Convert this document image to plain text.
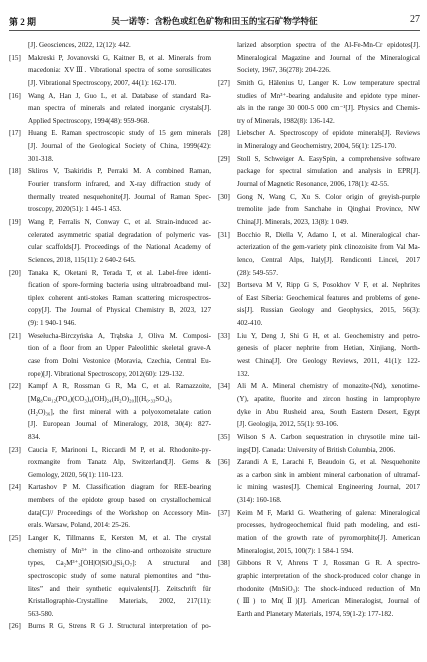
第 2 期	吴一诺等：含粉色或红色矿物和田玉的宝石矿物学特征	27
[J]. Geosciences, 2022, 12(12): 442.
[15] Makreski P, Jovanovski G, Kaitner B, et al. Minerals from
macedonia: XVⅢ. Vibrational spectra of some sorosilicates
[J]. Vibrational Spectroscopy, 2007, 44(1): 162-170.
[16] Wang A, Han J, Guo L, et al. Database of standard Ra-
man spectra of minerals and related inorganic crystals[J].
Applied Spectroscopy, 1994(48): 959-968.
[17] Huang E. Raman spectroscopic study of 15 gem minerals
[J]. Journal of the Geological Society of China, 1999(42):
301-318.
[18] Skliros V, Tsakiridis P, Perraki M. A combined Raman,
Fourier transform infrared, and X-ray diffraction study of
thermally treated nesquehonite[J]. Journal of Raman Spec-
troscopy, 2020(51): 1 445-1 453.
[19] Wang P, Ferralis N, Conway C, et al. Strain-induced ac-
celerated asymmetric spatial degradation of polymeric vas-
cular scaffolds[J]. Proceedings of the National Academy of
Sciences, 2018, 115(11): 2 640-2 645.
[20] Tanaka K, Oketani R, Terada T, et al. Label-free identi-
fication of spore-forming bacteria using ultrabroadband mul-
tiplex coherent anti-stokes Raman scattering microspectros-
copy[J]. The Journal of Physical Chemistry B, 2023, 127
(9): 1 940-1 946.
[21] Wesełucha-Birczyńska A, Trąbska J, Oliva M. Composi-
tion of a floor from an Upper Paleolithic skeletal grave-A
case from Dolni Vestonice (Moravia, Czechia, Central Eu-
rope)[J]. Vibrational Spectroscopy, 2012(60): 129-132.
[22] Kampf A R, Rossman G R, Ma C, et al. Ramazzoite,
[Mg₈Cu₁₂(PO₄)(CO₃)₄(OH)₂₄(H₂O)₂₀][(H₀.₃₃SO₄)₃
(H₂O)₃₆], the first mineral with a polyoxometalate cation
[J]. European Journal of Mineralogy, 2018, 30(4): 827-
834.
[23] Caucia F, Marinoni L, Riccardi M P, et al. Rhodonite-py-
roxmangite from Tanatz Alp, Switzerland[J]. Gems &
Gemology, 2020, 56(1): 110-123.
[24] Kartashov P M. Classification diagram for REE-bearing
members of the epidote group based on crystallochemical
data[C]// Proceedings of the Workshop on Accessory Min-
erals. Warsaw, Poland, 2014: 25-26.
[25] Langer K, Tillmanns E, Kersten M, et al. The crystal
chemistry of Mn³⁺ in the clino-and orthozoisite structure
types, Ca₂M³⁺₃[OH|O|SiO₄|Si₂O₇]: A structural and
spectroscopic study of some natural piemontites and “thu-
lites” and their synthetic equivalents[J]. Zeitschrift für
Kristallographie-Crystalline Materials, 2002, 217(11):
563-580.
[26] Burns R G, Strens R G J. Structural interpretation of po-
larized absorption spectra of the Al-Fe-Mn-Cr epidotes[J].
Mineralogical Magazine and Journal of the Mineralogical
Society, 1967, 36(278): 204-226.
[27] Smith G, Hälenius U, Langer K. Low temperature spectral
studies of Mn³⁺-bearing andalusite and epidote type miner-
als in the range 30 000-5 000 cm⁻¹[J]. Physics and Chemis-
try of Minerals, 1982(8): 136-142.
[28] Liebscher A. Spectroscopy of epidote minerals[J]. Reviews
in Mineralogy and Geochemistry, 2004, 56(1): 125-170.
[29] Stoll S, Schweiger A. EasySpin, a comprehensive software
package for spectral simulation and analysis in EPR[J].
Journal of Magnetic Resonance, 2006, 178(1): 42-55.
[30] Gong N, Wang C, Xu S. Color origin of greyish-purple
tremolite jade from Sanchahe in Qinghai Province, NW
China[J]. Minerals, 2023, 13(8): 1 049.
[31] Bocchio R, Diella V, Adamo I, et al. Mineralogical char-
acterization of the gem-variety pink clinozoisite from Val Ma-
lenco, Central Alps, Italy[J]. Rendiconti Lincei, 2017
(28): 549-557.
[32] Bortseva M V, Ripp G S, Posokhov V F, et al. Nephrites
of East Siberia: Geochemical features and problems of gene-
sis[J]. Russian Geology and Geophysics, 2015, 56(3):
402-410.
[33] Liu Y, Deng J, Shi G H, et al. Geochemistry and petro-
genesis of placer nephrite from Hetian, Xinjiang, North-
west China[J]. Ore Geology Reviews, 2011, 41(1): 122-
132.
[34] Ali M A. Mineral chemistry of monazite-(Nd), xenotime-
(Y), apatite, fluorite and zircon hosting in lamprophyre
dyke in Abu Rusheid area, South Eastern Desert, Egypt
[J]. Geologija, 2012, 55(1): 93-106.
[35] Wilson S A. Carbon sequestration in chrysotile mine tail-
ings[D]. Canada: University of British Columbia, 2006.
[36] Zarandi A E, Larachi F, Beaudoin G, et al. Nesquehonite
as a carbon sink in ambient mineral carbonation of ultramaf-
ic mining wastes[J]. Chemical Engineering Journal, 2017
(314): 160-168.
[37] Keim M F, Markl G. Weathering of galena: Mineralogical
processes, hydrogeochemical fluid path modeling, and esti-
mation of the growth rate of pyromorphite[J]. American
Mineralogist, 2015, 100(7): 1 584-1 594.
[38] Gibbons R V, Ahrens T J, Rossman G R. A spectro-
graphic interpretation of the shock-produced color change in
rhodonite (MnSiO₃): The shock-induced reduction of Mn
(Ⅲ) to Mn(Ⅱ)[J]. American Mineralogist, Journal of
Earth and Planetary Materials, 1974, 59(1-2): 177-182.
